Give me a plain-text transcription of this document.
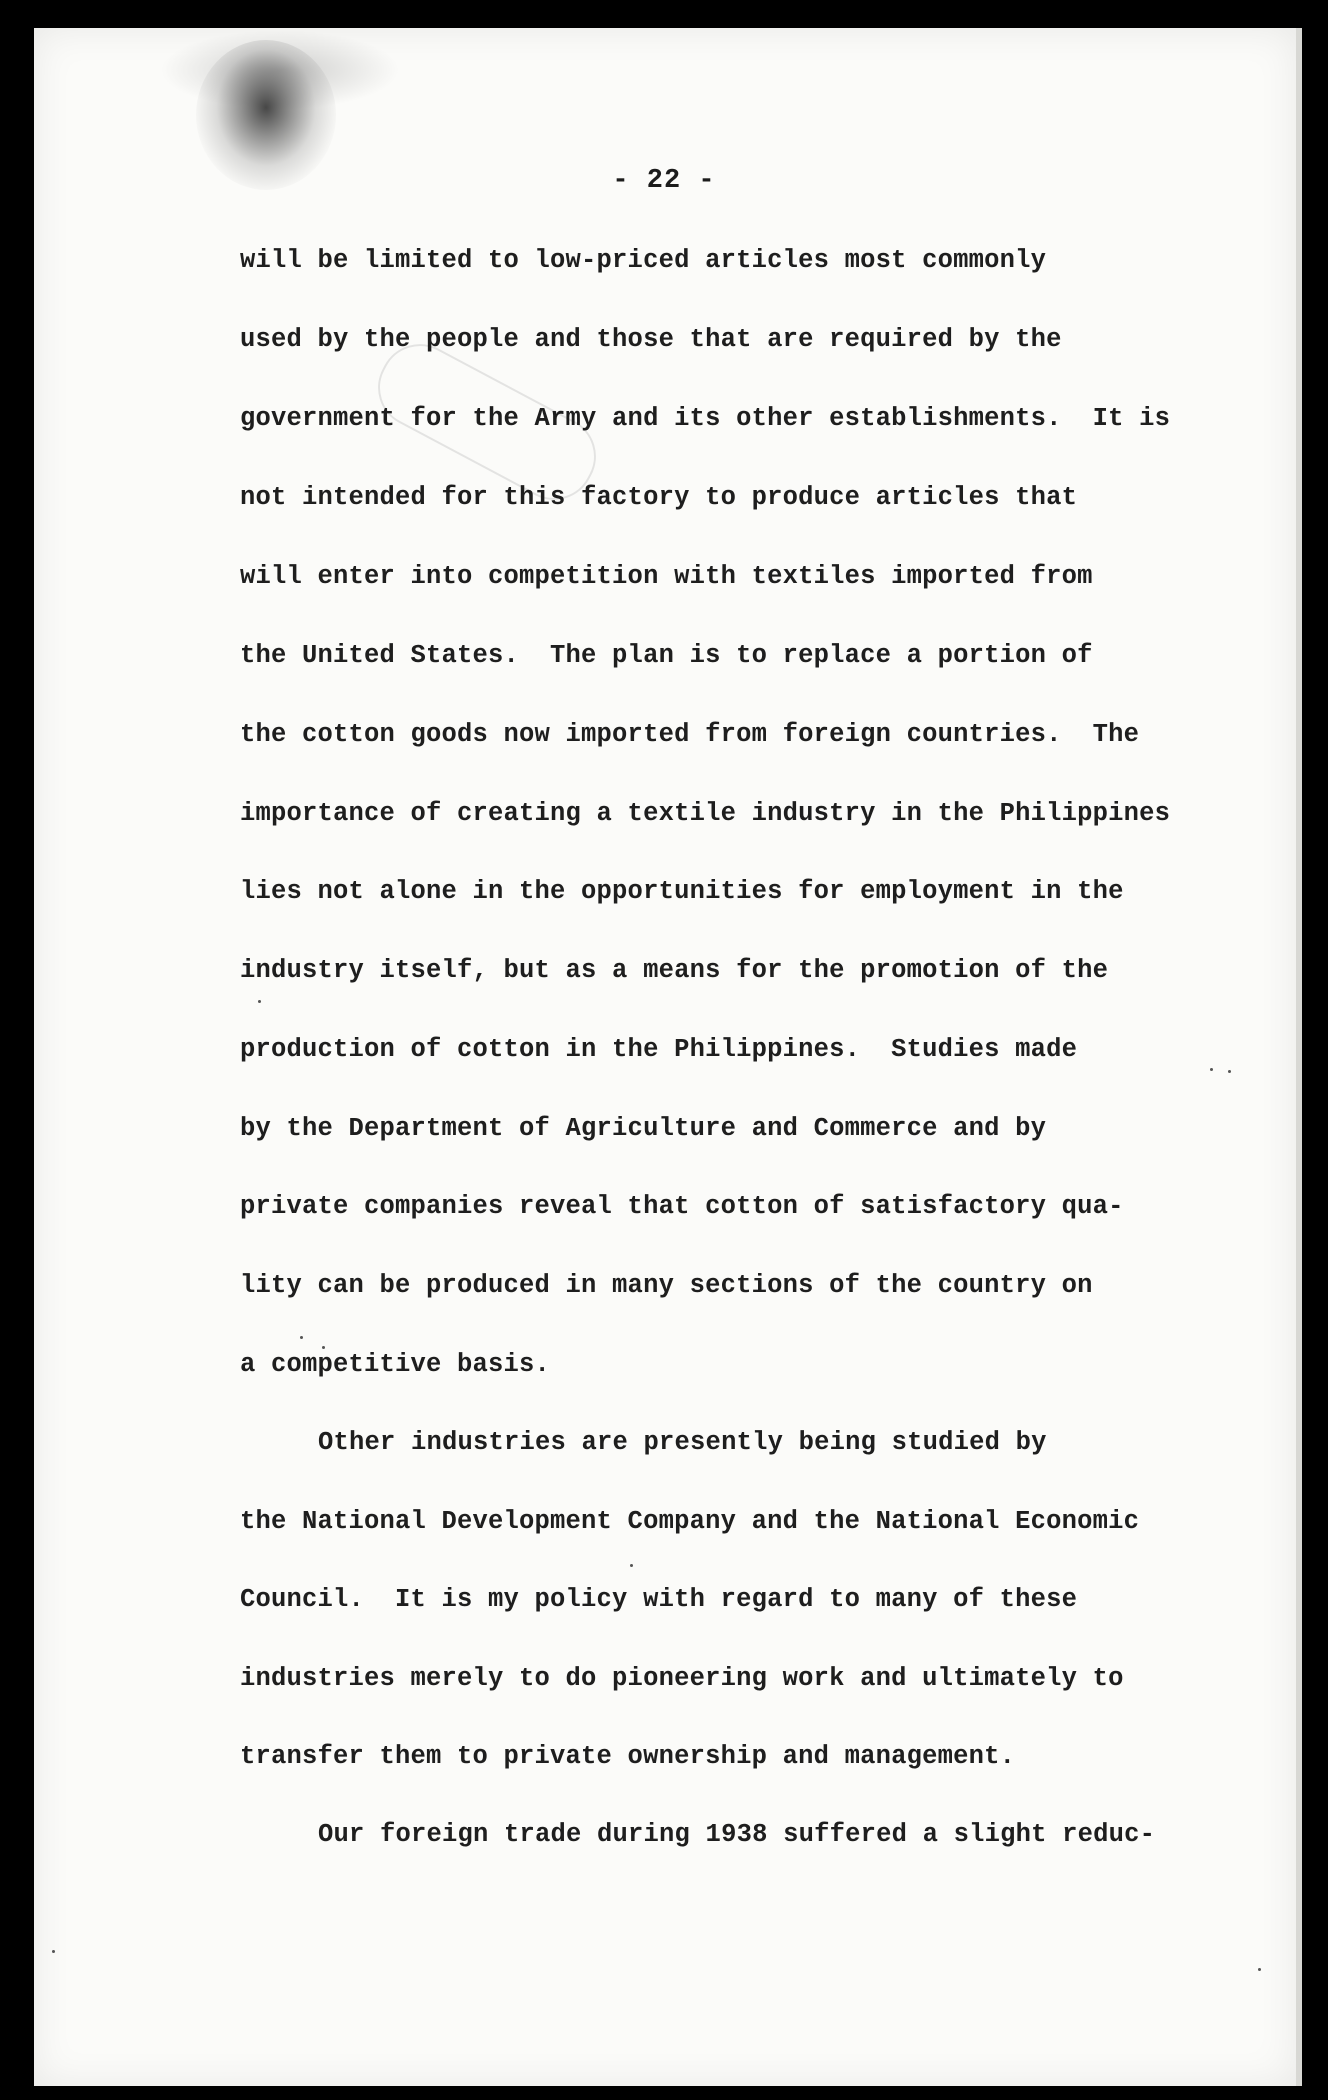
- 22 -
will be limited to low-priced articles most commonly
used by the people and those that are required by the
government for the Army and its other establishments.  It is
not intended for this factory to produce articles that
will enter into competition with textiles imported from
the United States.  The plan is to replace a portion of
the cotton goods now imported from foreign countries.  The
importance of creating a textile industry in the Philippines
lies not alone in the opportunities for employment in the
industry itself, but as a means for the promotion of the
production of cotton in the Philippines.  Studies made
by the Department of Agriculture and Commerce and by
private companies reveal that cotton of satisfactory qua-
lity can be produced in many sections of the country on
a competitive basis.
Other industries are presently being studied by
the National Development Company and the National Economic
Council.  It is my policy with regard to many of these
industries merely to do pioneering work and ultimately to
transfer them to private ownership and management.
Our foreign trade during 1938 suffered a slight reduc-
